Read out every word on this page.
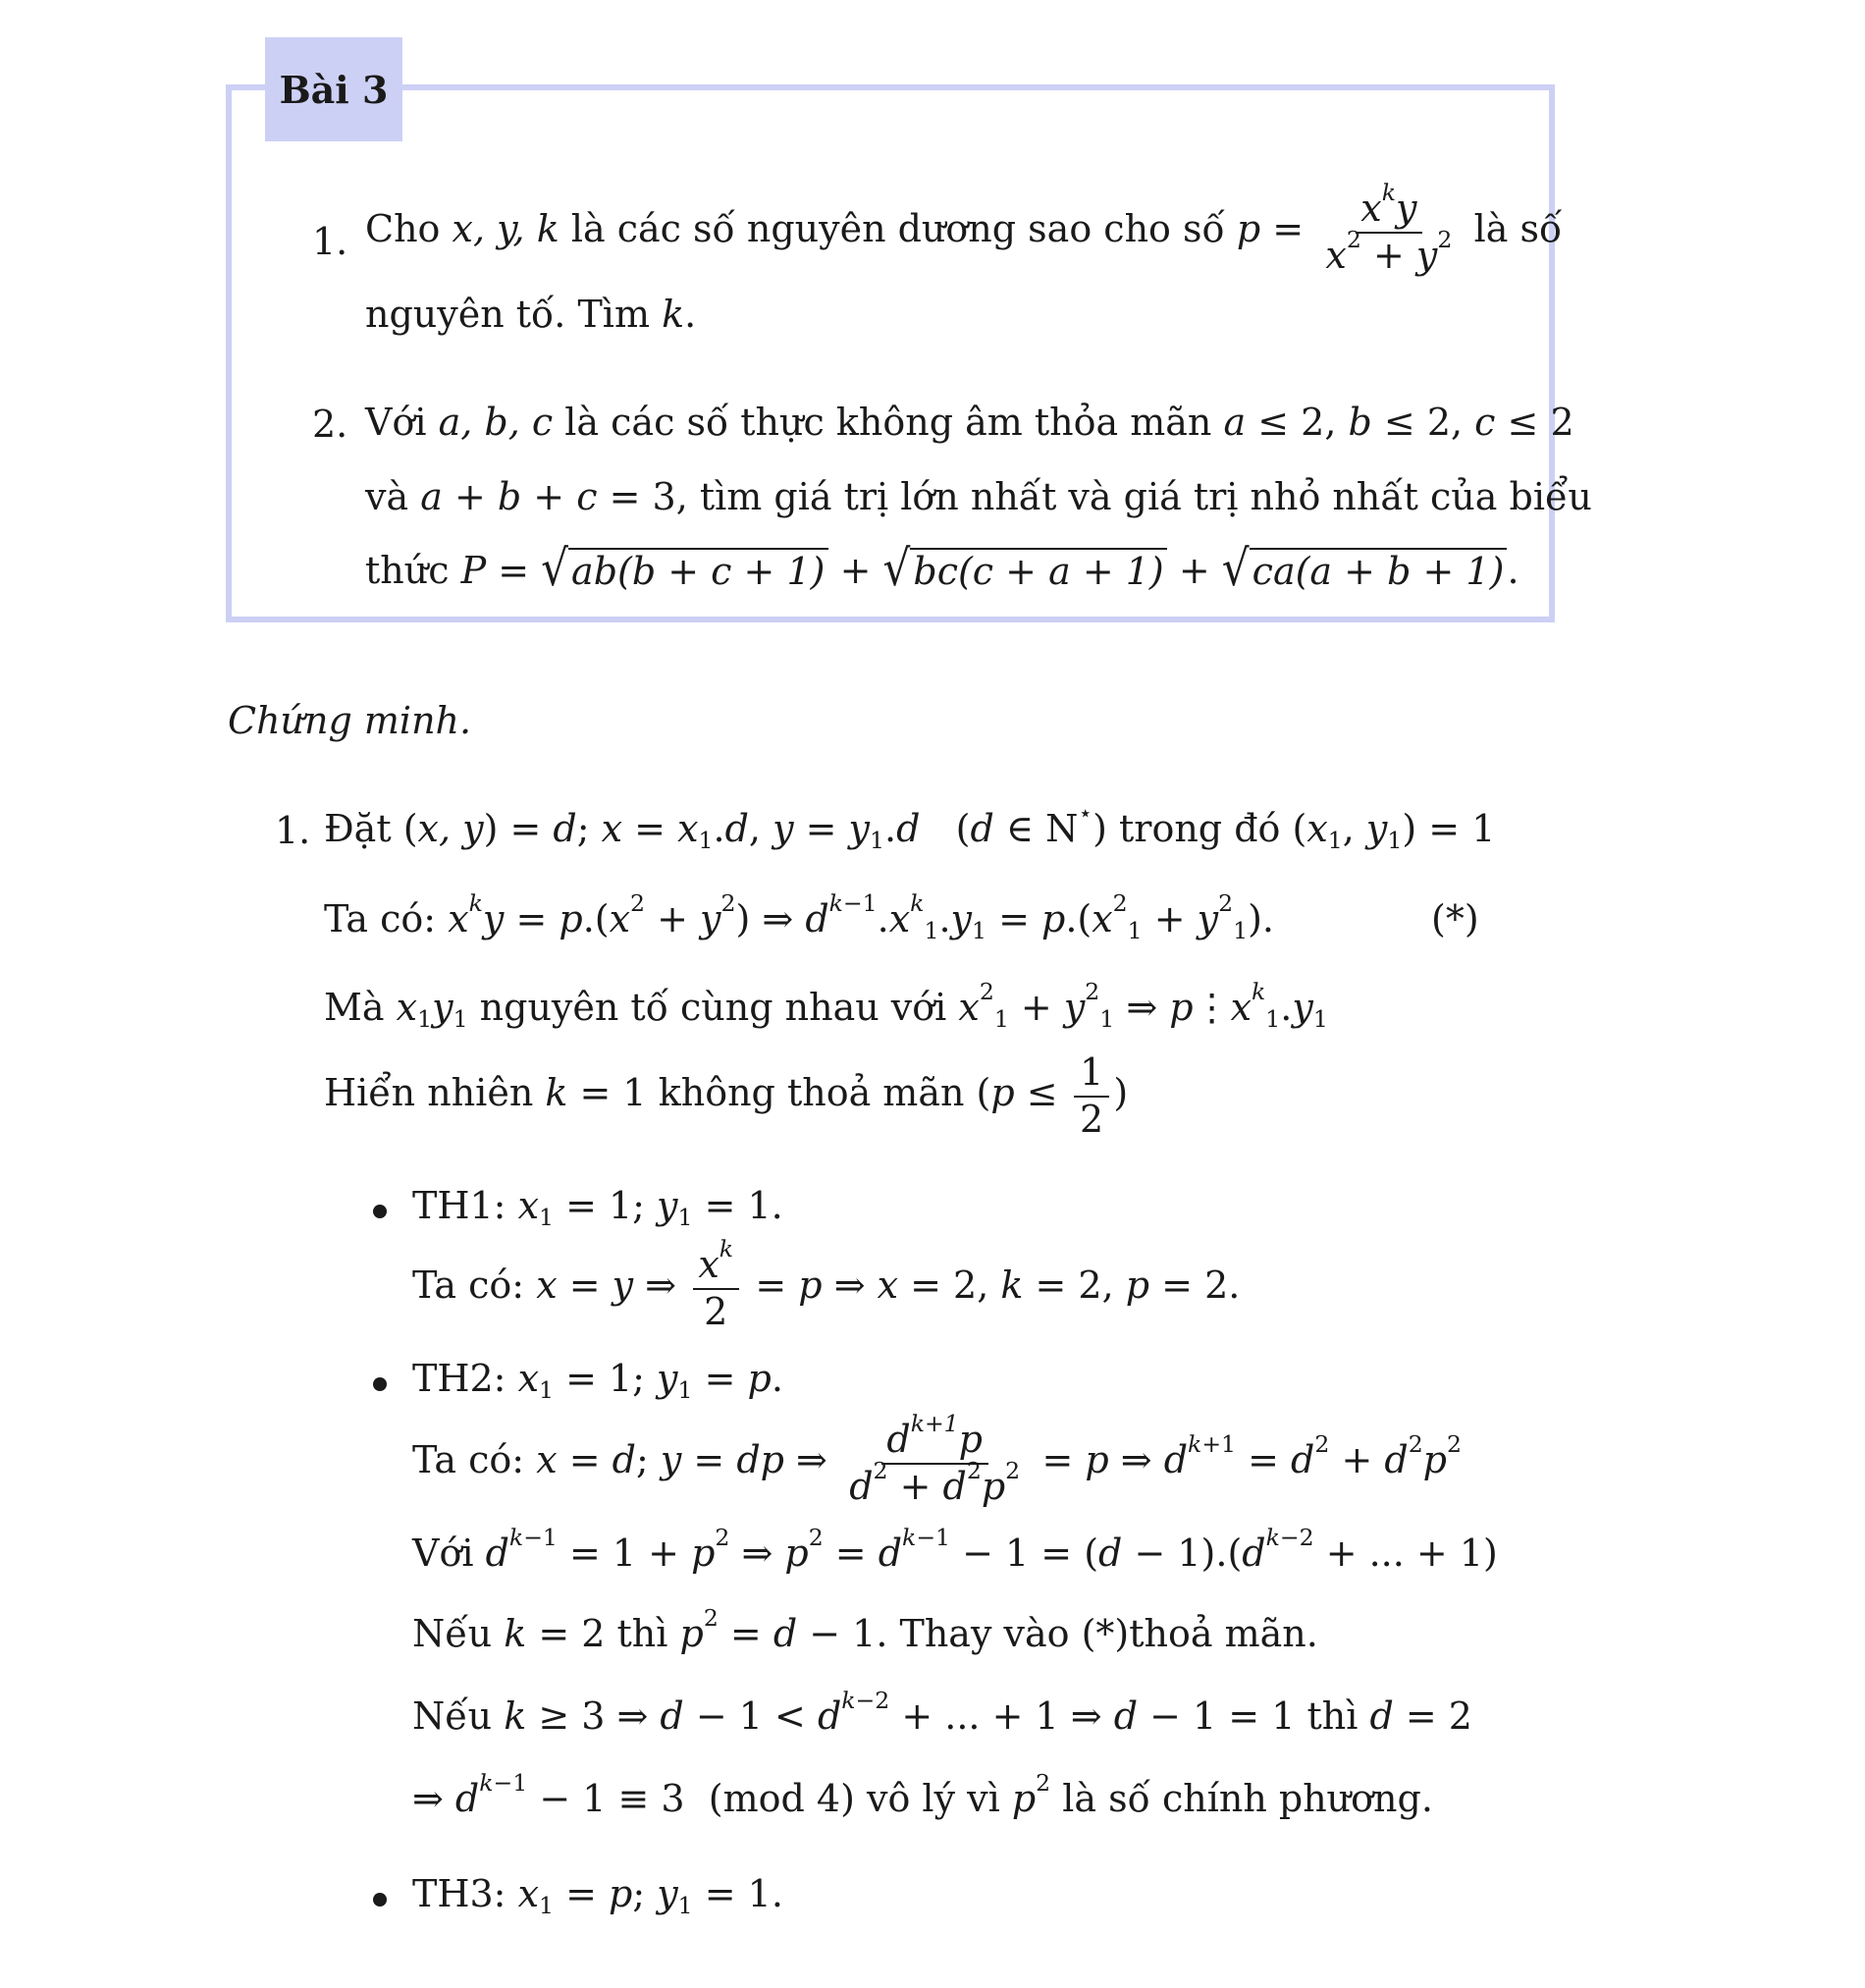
Bài 3
1. Cho x, y, k là các số nguyên dương sao cho số $p = \frac{x^ky}{x^2 + y^2}$ là số
nguyên tố. Tìm k.
2. Với a, b, c là các số thực không âm thỏa mãn a ≤ 2, b ≤ 2, c ≤ 2
và a + b + c = 3, tìm giá trị lớn nhất và giá trị nhỏ nhất của biểu
thức P = √ ab(b + c + 1) + √ bc(c + a + 1) + √ ca(a + b + 1) .
Chứng minh.
1. Đặt (x, y) = d; $x = x_1.d$, $y = y_1.d$   (d ∈ N⋆) trong đó ($x_1$, $y_1) = 1$
Ta có: $x^ky = p.(x^2 + y^2)$ ⇒ $d^{k-1}.x^k_1.y_1 = p.(x^2_1 + y^2_1)$.	(*)
Mà $x_1y_1$ nguyên tố cùng nhau với $x^2_1 + y^2_1$ ⇒ $p⋮x^k_1.y_1$
Hiển nhiên k = 1 không thoả mãn ($p \le \frac{1}{2}$ )
TH1: $x_1 = 1$; $y_1 = 1$.
Ta có: x = y ⇒ $\frac{x^k}{2} = p$ ⇒ x = 2, k = 2, p = 2.
TH2: $x_1 = 1$; $y_1 = p$.
Ta có: x = d; y = dp ⇒ $\frac{d^{k+1}p}{d^2 + d^2p^2} = p$ ⇒ $d^{k+1} = d^2 + d^2p^2$
Với $d^{k-1} = 1 + p^2$ ⇒ $p^2 = d^{k-1} - 1 = (d - 1).(d^{k-2}$ + ... + 1)
Nếu k = 2 thì $p^2 = d - 1$. Thay vào (*)thoả mãn.
Nếu k ≥ 3 ⇒ $d - 1 < d^{k-2}$ + ... + 1 ⇒ d − 1 = 1 thì d = 2
⇒ $d^{k-1} - 1 \equiv 3$  (mod 4) vô lý vì $p^2$ là số chính phương.
TH3: $x_1 = p$; $y_1 = 1$.
